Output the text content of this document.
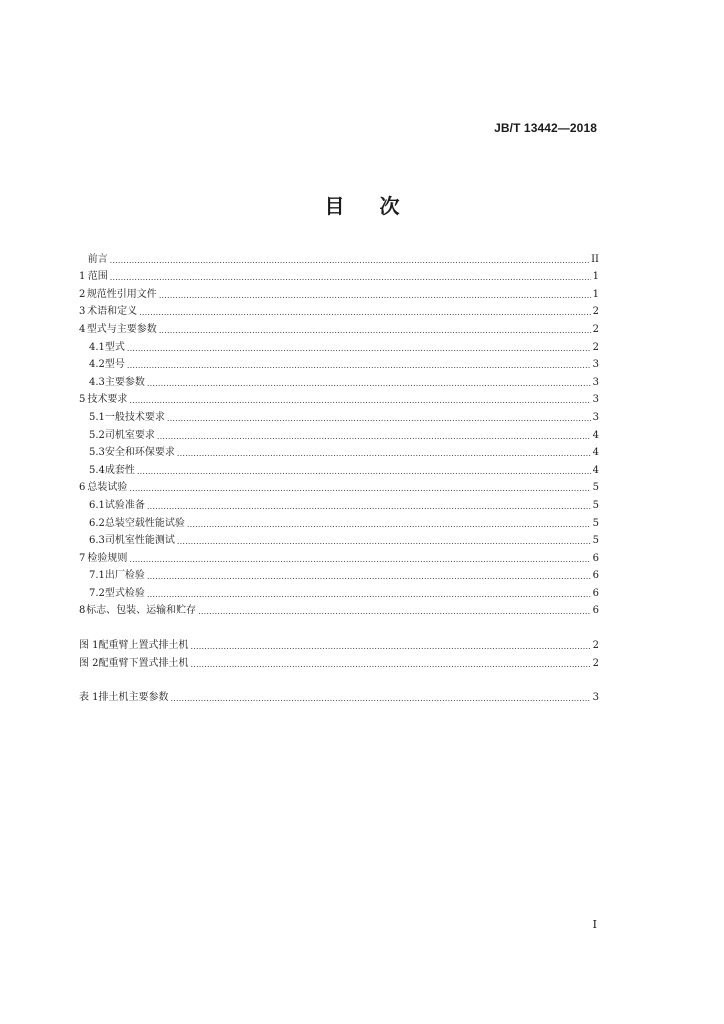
JB/T 13442—2018
目 次
前言 .....	II
1 范围 .....	1
2 规范性引用文件 .....	1
3 术语和定义 .....	2
4 型式与主要参数 .....	2
4.1 型式 .....	2
4.2 型号 .....	3
4.3 主要参数 .....	3
5 技术要求 .....	3
5.1 一般技术要求 .....	3
5.2 司机室要求 .....	4
5.3 安全和环保要求 .....	4
5.4 成套性 .....	4
6 总装试验 .....	5
6.1 试验准备 .....	5
6.2 总装空载性能试验 .....	5
6.3 司机室性能测试 .....	5
7 检验规则 .....	6
7.1 出厂检验 .....	6
7.2 型式检验 .....	6
8 标志、包装、运输和贮存 .....	6
图 1 配重臂上置式排土机 .....	2
图 2 配重臂下置式排土机 .....	2
表 1 排土机主要参数 .....	3
I
